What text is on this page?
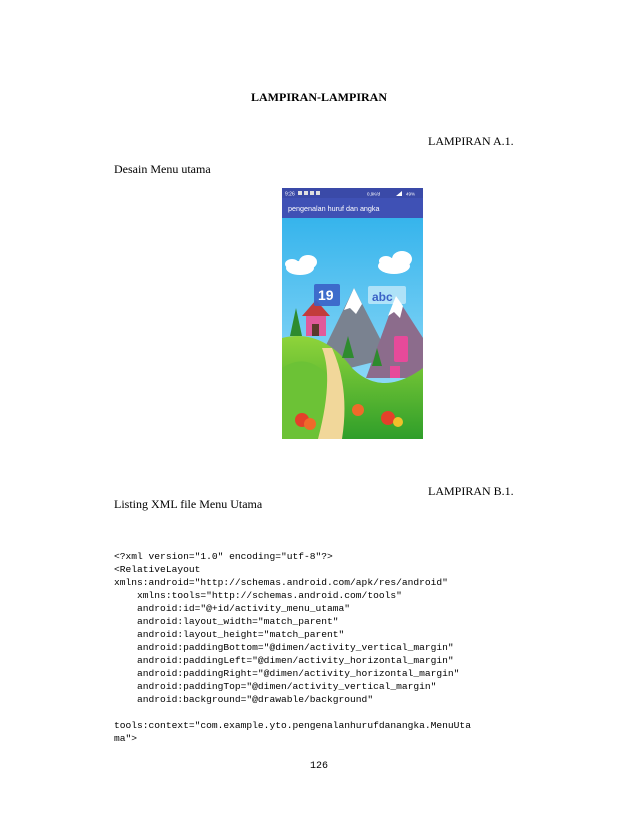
LAMPIRAN-LAMPIRAN
LAMPIRAN A.1.
Desain Menu utama
9:26	0,9K/d	49%
pengenalan huruf dan angka
19	abc
LAMPIRAN B.1.
Listing XML file Menu Utama

<?xml version="1.0" encoding="utf-8"?>
<RelativeLayout
xmlns:android="http://schemas.android.com/apk/res/android"
xmlns:tools="http://schemas.android.com/tools"
android:id="@+id/activity_menu_utama"
android:layout_width="match_parent"
android:layout_height="match_parent"
android:paddingBottom="@dimen/activity_vertical_margin"
android:paddingLeft="@dimen/activity_horizontal_margin"
android:paddingRight="@dimen/activity_horizontal_margin"
android:paddingTop="@dimen/activity_vertical_margin"
android:background="@drawable/background"

tools:context="com.example.yto.pengenalanhurufdanangka.MenuUta
ma">

126
